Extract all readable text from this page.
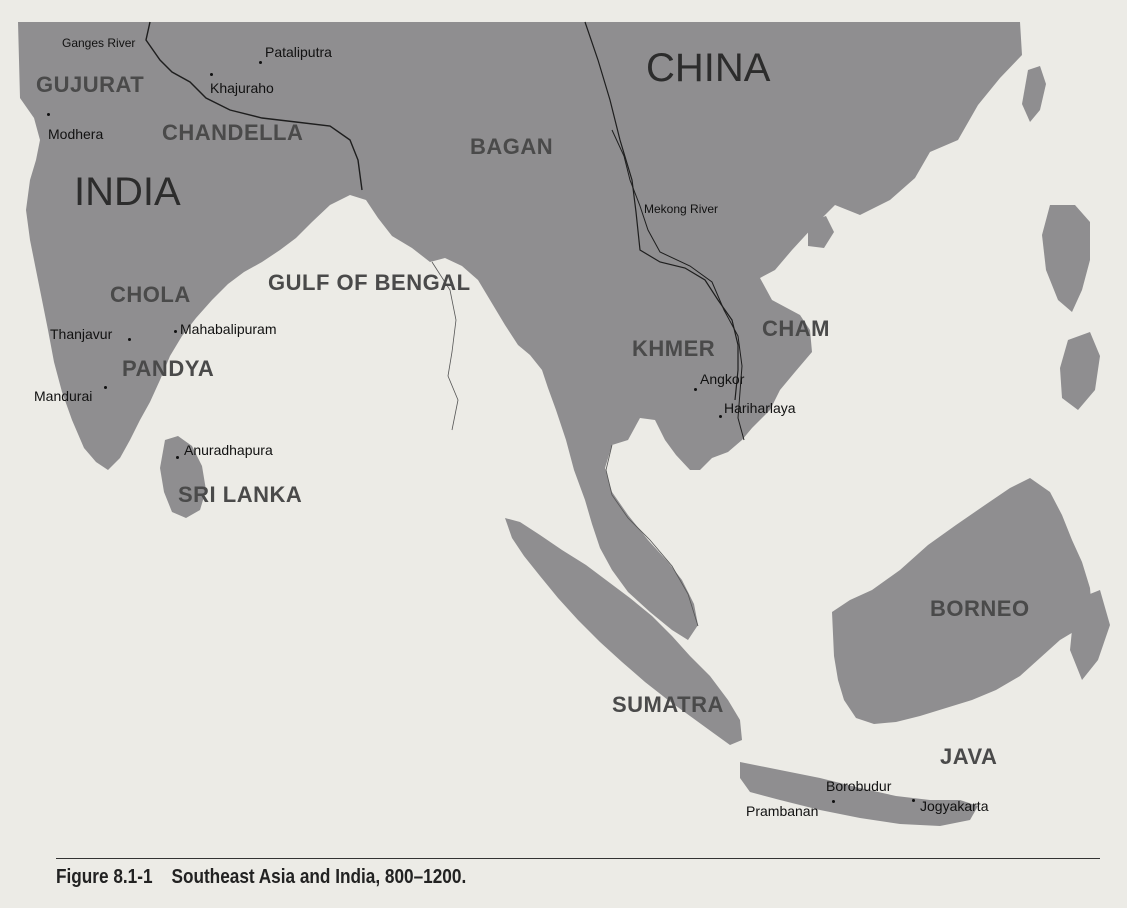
CHINA
INDIA
GUJURAT
CHANDELLA
BAGAN
CHOLA	GULF OF BENGAL
PANDYA
SRI LANKA
KHMER
CHAM
BORNEO
SUMATRA
JAVA
Ganges River
Mekong River
Pataliputra
Khajuraho
Modhera
Thanjavur	Mahabalipuram
Mandurai
Anuradhapura
Angkor
Hariharlaya
Borobudur
Prambanan	Jogyakarta
Figure 8.1-1 Southeast Asia and India, 800–1200.
